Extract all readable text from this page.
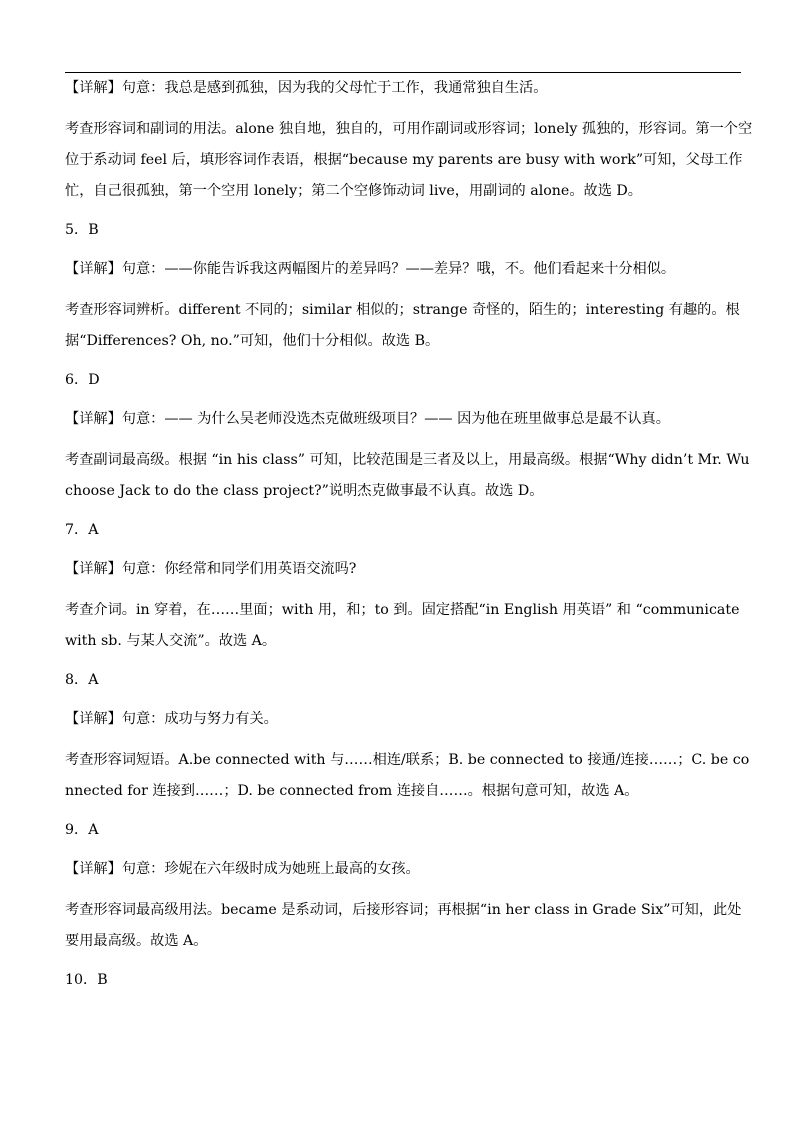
【详解】句意：我总是感到孤独，因为我的父母忙于工作，我通常独自生活。

考查形容词和副词的用法。alone 独自地，独自的，可用作副词或形容词；lonely 孤独的，形容词。第一个空位于系动词 feel 后，填形容词作表语，根据“because my parents are busy with work”可知，父母工作忙，自己很孤独，第一个空用 lonely；第二个空修饰动词 live，用副词的 alone。故选 D。

5．B

【详解】句意：——你能告诉我这两幅图片的差异吗？——差异？哦，不。他们看起来十分相似。

考查形容词辨析。different 不同的；similar 相似的；strange 奇怪的，陌生的；interesting 有趣的。根据“Differences? Oh, no.”可知，他们十分相似。故选 B。

6．D

【详解】句意：—— 为什么吴老师没选杰克做班级项目？—— 因为他在班里做事总是最不认真。

考查副词最高级。根据 “in his class” 可知，比较范围是三者及以上，用最高级。根据“Why didn’t Mr. Wu choose Jack to do the class project?”说明杰克做事最不认真。故选 D。

7．A

【详解】句意：你经常和同学们用英语交流吗?

考查介词。in 穿着，在……里面；with 用，和；to 到。固定搭配“in English 用英语” 和 “communicate with sb. 与某人交流”。故选 A。

8．A

【详解】句意：成功与努力有关。

考查形容词短语。A.be connected with 与……相连/联系；B. be connected to 接通/连接……；C. be connected for 连接到……；D. be connected from 连接自……。根据句意可知，故选 A。

9．A

【详解】句意：珍妮在六年级时成为她班上最高的女孩。

考查形容词最高级用法。became 是系动词，后接形容词；再根据“in her class in Grade Six”可知，此处要用最高级。故选 A。

10．B
